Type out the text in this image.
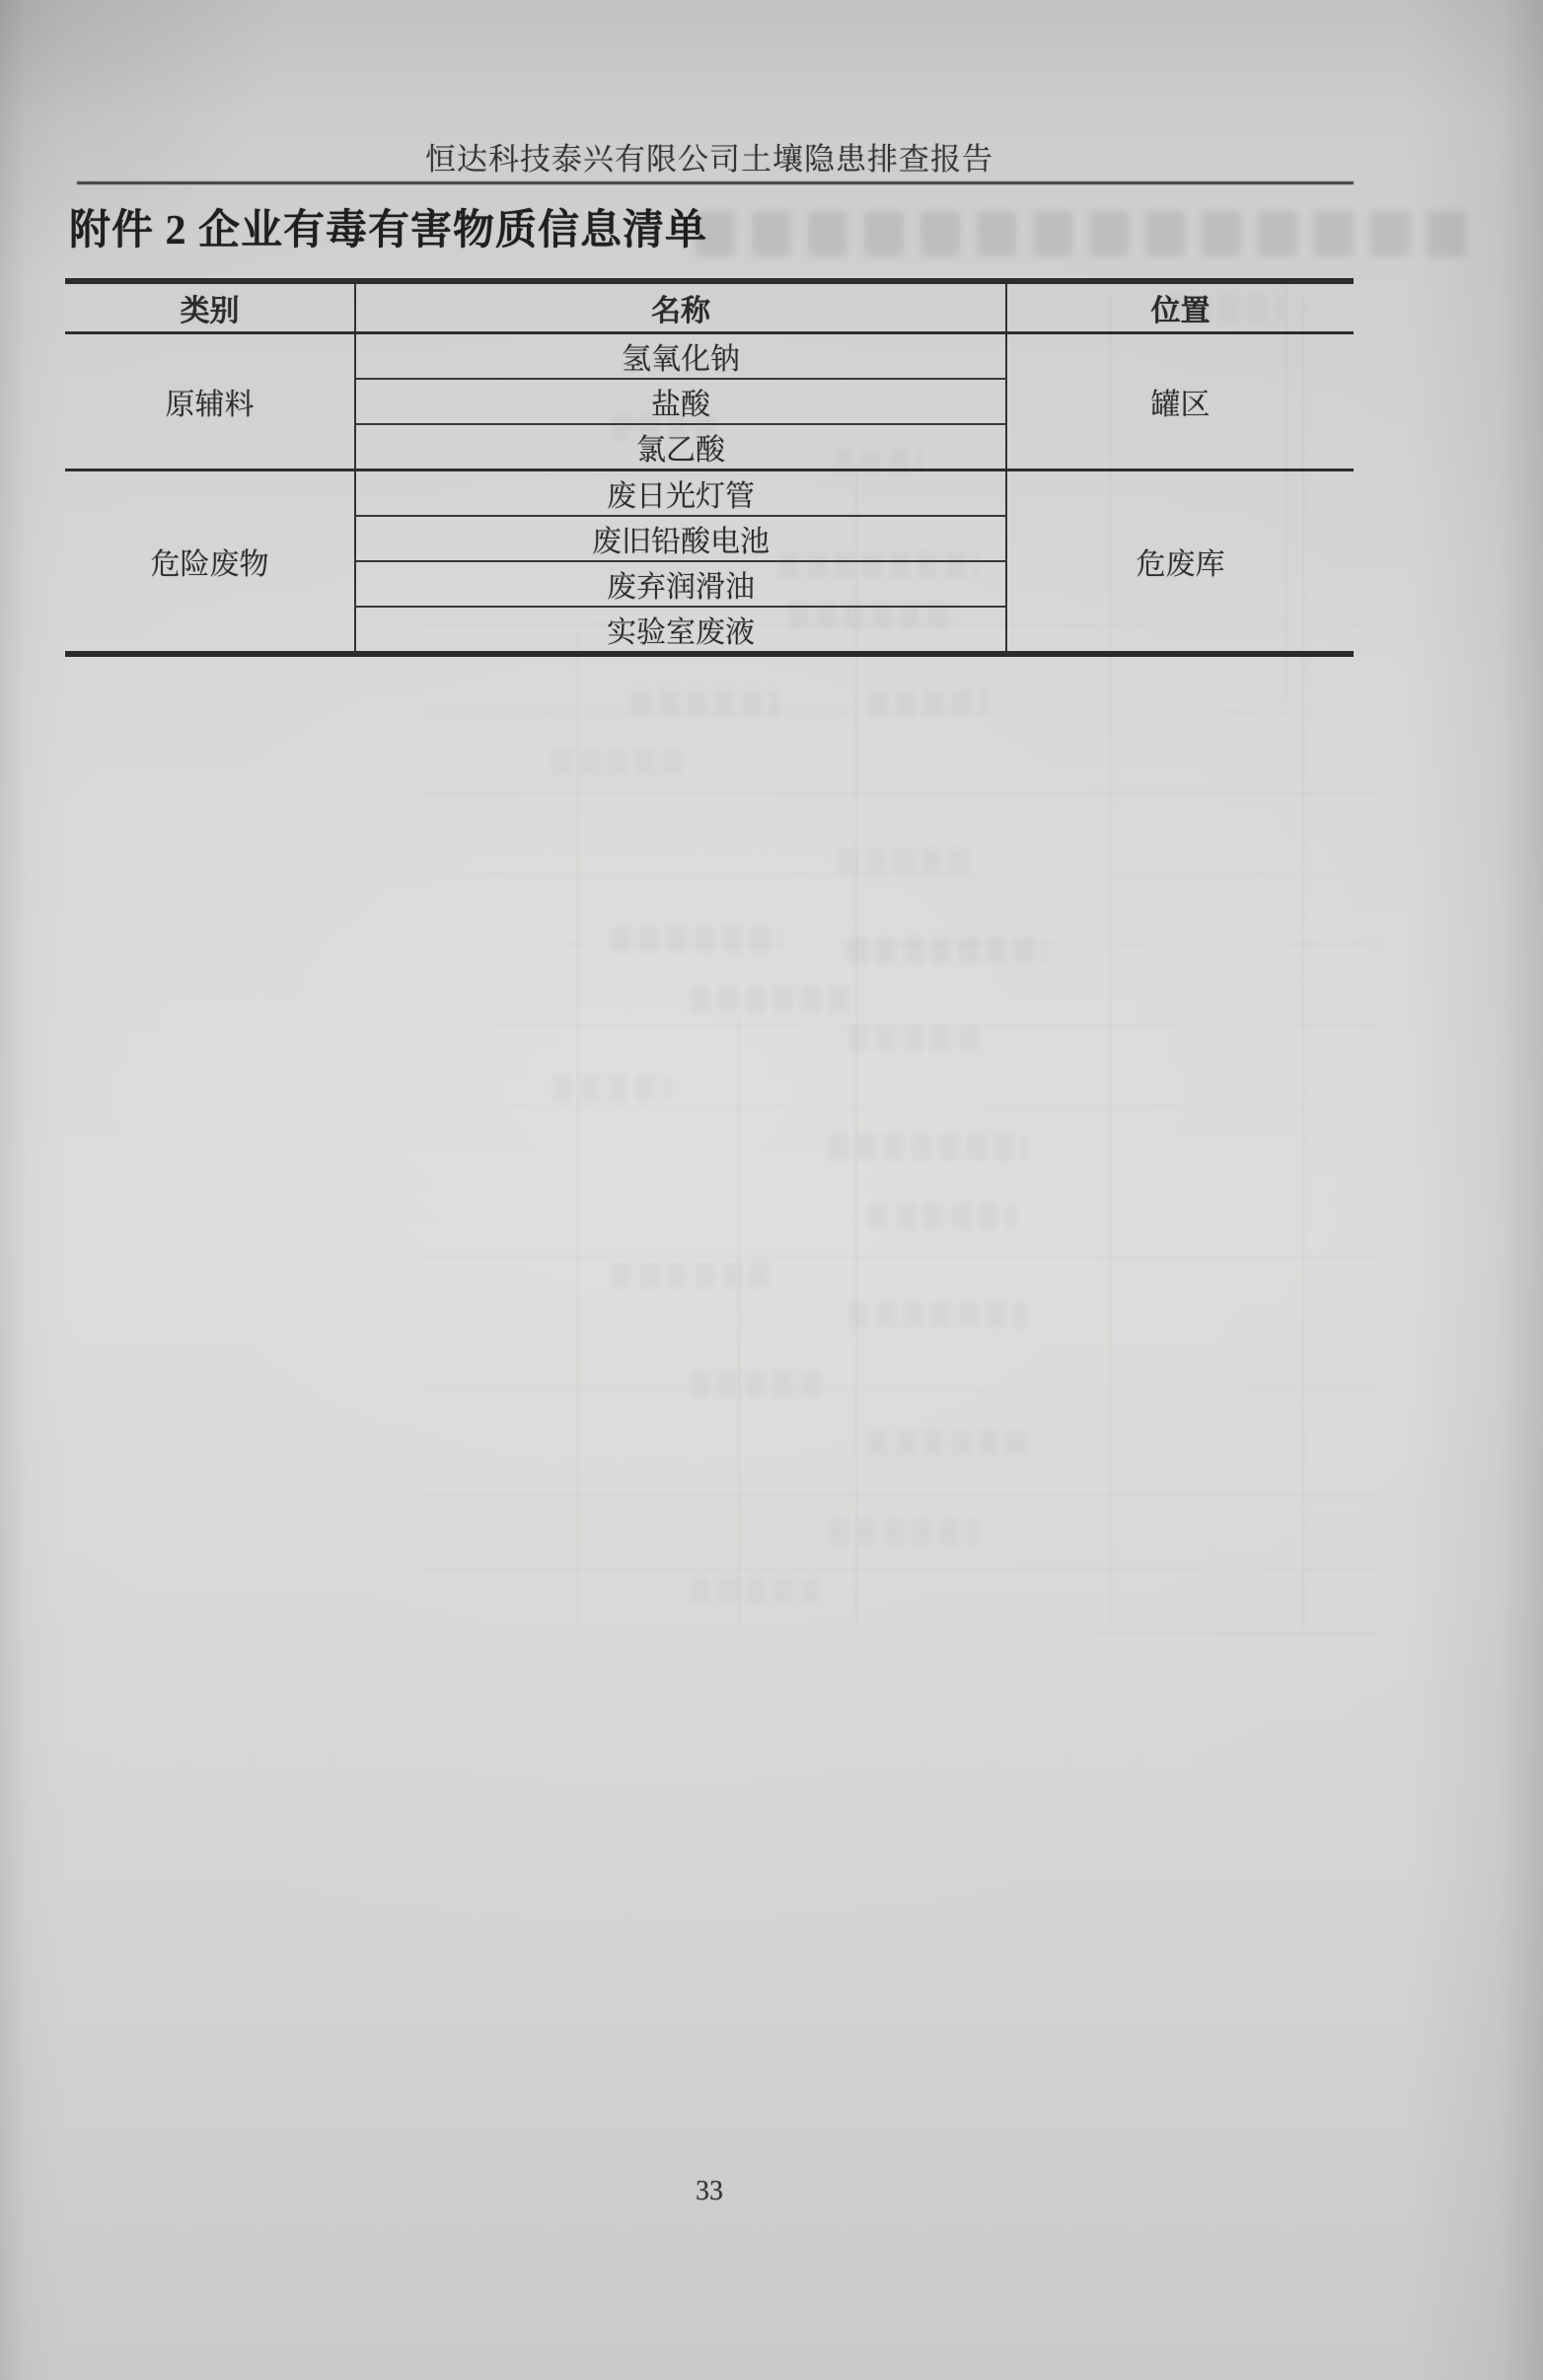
恒达科技泰兴有限公司土壤隐患排查报告
附件 2 企业有毒有害物质信息清单
类别	名称	位置
原辅料	氢氧化钠	罐区
	盐酸	
	氯乙酸	
危险废物	废日光灯管	危废库
	废旧铅酸电池	
	废弃润滑油	
	实验室废液	
33
